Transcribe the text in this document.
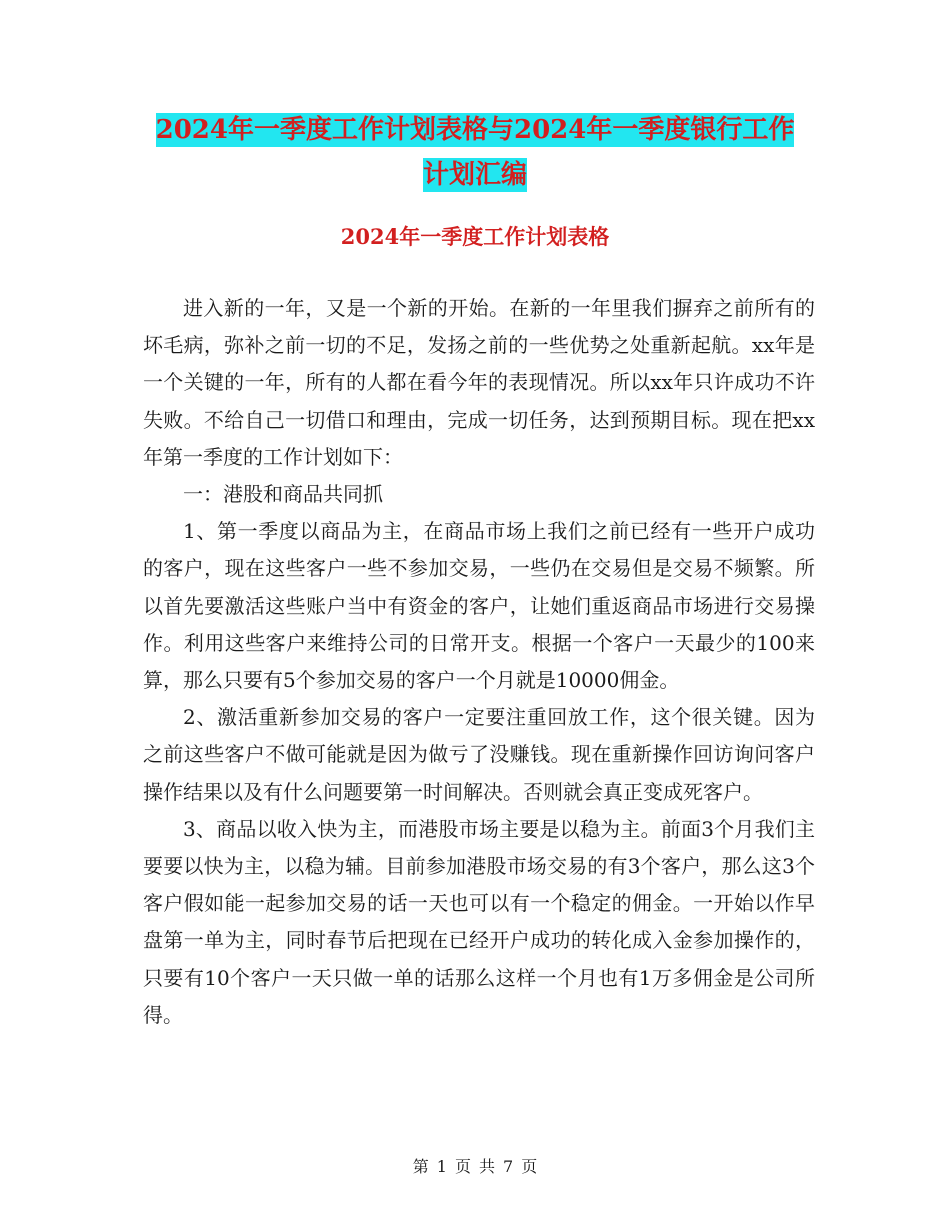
2024年一季度工作计划表格与2024年一季度银行工作
计划汇编
2024年一季度工作计划表格

进入新的一年，又是一个新的开始。在新的一年里我们摒弃之前所有的坏毛病，弥补之前一切的不足，发扬之前的一些优势之处重新起航。xx年是一个关键的一年，所有的人都在看今年的表现情况。所以xx年只许成功不许失败。不给自己一切借口和理由，完成一切任务，达到预期目标。现在把xx年第一季度的工作计划如下：

一：港股和商品共同抓

1、第一季度以商品为主，在商品市场上我们之前已经有一些开户成功的客户，现在这些客户一些不参加交易，一些仍在交易但是交易不频繁。所以首先要激活这些账户当中有资金的客户，让她们重返商品市场进行交易操作。利用这些客户来维持公司的日常开支。根据一个客户一天最少的100来算，那么只要有5个参加交易的客户一个月就是10000佣金。

2、激活重新参加交易的客户一定要注重回放工作，这个很关键。因为之前这些客户不做可能就是因为做亏了没赚钱。现在重新操作回访询问客户操作结果以及有什么问题要第一时间解决。否则就会真正变成死客户。

3、商品以收入快为主，而港股市场主要是以稳为主。前面3个月我们主要要以快为主，以稳为辅。目前参加港股市场交易的有3个客户，那么这3个客户假如能一起参加交易的话一天也可以有一个稳定的佣金。一开始以作早盘第一单为主，同时春节后把现在已经开户成功的转化成入金参加操作的，只要有10个客户一天只做一单的话那么这样一个月也有1万多佣金是公司所得。

第 1 页 共 7 页
